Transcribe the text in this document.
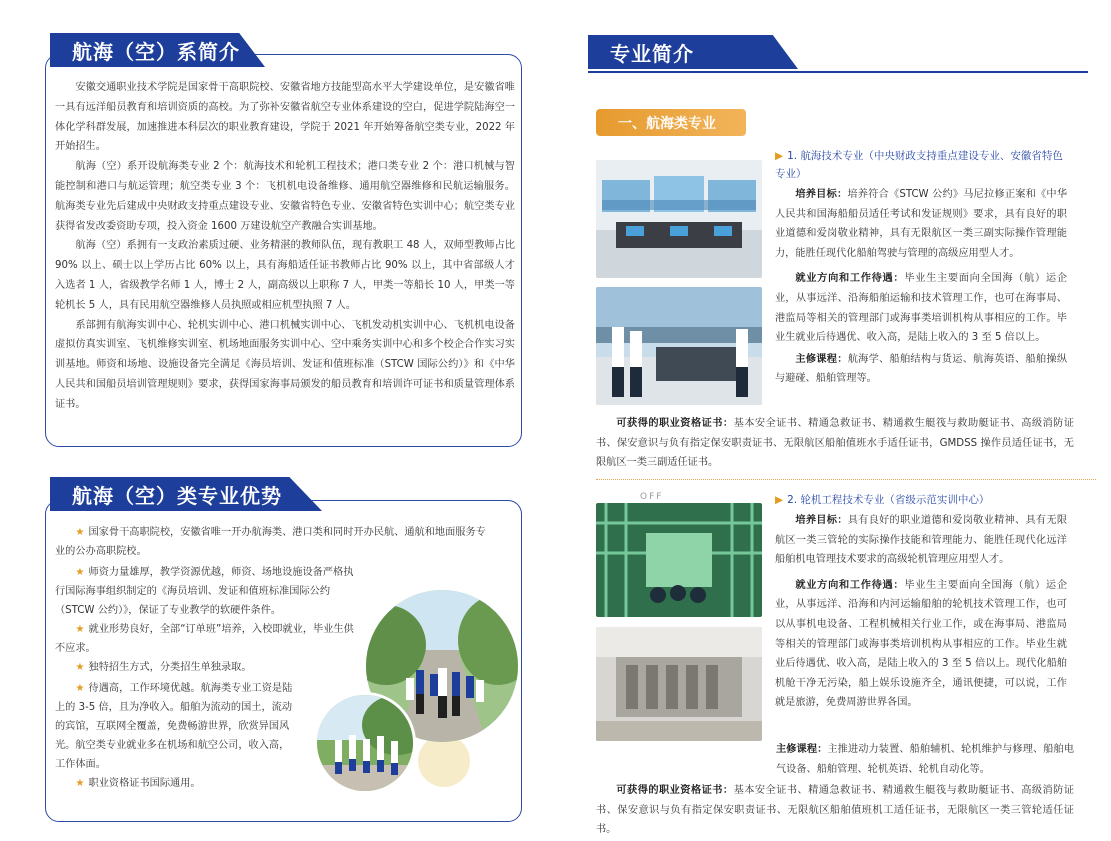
航海（空）系简介

安徽交通职业技术学院是国家骨干高职院校、安徽省地方技能型高水平大学建设单位，是安徽省唯一具有远洋船员教育和培训资质的高校。为了弥补安徽省航空专业体系建设的空白，促进学院陆海空一体化学科群发展，加速推进本科层次的职业教育建设，学院于 2021 年开始筹备航空类专业，2022 年开始招生。

航海（空）系开设航海类专业 2 个：航海技术和轮机工程技术；港口类专业 2 个：港口机械与智能控制和港口与航运管理；航空类专业 3 个：飞机机电设备维修、通用航空器维修和民航运输服务。航海类专业先后建成中央财政支持重点建设专业、安徽省特色专业、安徽省特色实训中心；航空类专业获得省发改委资助专项，投入资金 1600 万建设航空产教融合实训基地。

航海（空）系拥有一支政治素质过硬、业务精湛的教师队伍，现有教职工 48 人，双师型教师占比 90% 以上、硕士以上学历占比 60% 以上，具有海船适任证书教师占比 90% 以上，其中省部级人才入选者 1 人，省级教学名师 1 人，博士 2 人，副高级以上职称 7 人，甲类一等船长 10 人，甲类一等轮机长 5 人，具有民用航空器维修人员执照或相应机型执照 7 人。

系部拥有航海实训中心、轮机实训中心、港口机械实训中心、飞机发动机实训中心、飞机机电设备虚拟仿真实训室、飞机维修实训室、机场地面服务实训中心、空中乘务实训中心和多个校企合作实习实训基地。师资和场地、设施设备完全满足《海员培训、发证和值班标准（STCW 国际公约）》和《中华人民共和国船员培训管理规则》要求，获得国家海事局颁发的船员教育和培训许可证书和质量管理体系证书。

航海（空）类专业优势

★ 国家骨干高职院校，安徽省唯一开办航海类、港口类和同时开办民航、通航和地面服务专业的公办高职院校。

★ 师资力量雄厚，教学资源优越，师资、场地设施设备严格执行国际海事组织制定的《海员培训、发证和值班标准国际公约（STCW 公约）》，保证了专业教学的软硬件条件。

★ 就业形势良好，全部“订单班”培养，入校即就业，毕业生供不应求。

★ 独特招生方式，分类招生单独录取。

★ 待遇高，工作环境优越。航海类专业工资是陆上的 3-5 倍，且为净收入。船舶为流动的国土，流动的宾馆，互联网全覆盖，免费畅游世界，欣赏异国风光。航空类专业就业多在机场和航空公司，收入高，工作体面。

★ 职业资格证书国际通用。

专业简介
一、航海类专业

▶ 1. 航海技术专业（中央财政支持重点建设专业、安徽省特色专业）

培养目标：培养符合《STCW 公约》马尼拉修正案和《中华人民共和国海船船员适任考试和发证规则》要求，具有良好的职业道德和爱岗敬业精神，具有无限航区一类三副实际操作管理能力，能胜任现代化船舶驾驶与管理的高级应用型人才。

就业方向和工作待遇：毕业生主要面向全国海（航）运企业，从事远洋、沿海船舶运输和技术管理工作，也可在海事局、港监局等相关的管理部门或海事类培训机构从事相应的工作。毕业生就业后待遇优、收入高，是陆上收入的 3 至 5 倍以上。

主修课程：航海学、船舶结构与货运、航海英语、船舶操纵与避碰、船舶管理等。

可获得的职业资格证书：基本安全证书、精通急救证书、精通救生艇筏与救助艇证书、高级消防证书、保安意识与负有指定保安职责证书、无限航区船舶值班水手适任证书，GMDSS 操作员适任证书，无限航区一类三副适任证书。

▶ 2. 轮机工程技术专业（省级示范实训中心）

培养目标：具有良好的职业道德和爱岗敬业精神、具有无限航区一类三管轮的实际操作技能和管理能力、能胜任现代化远洋船舶机电管理技术要求的高级轮机管理应用型人才。

就业方向和工作待遇：毕业生主要面向全国海（航）运企业，从事远洋、沿海和内河运输船舶的轮机技术管理工作，也可以从事机电设备、工程机械相关行业工作，或在海事局、港监局等相关的管理部门或海事类培训机构从事相应的工作。毕业生就业后待遇优、收入高，是陆上收入的 3 至 5 倍以上。现代化船舶机舱干净无污染，船上娱乐设施齐全，通讯便捷，可以说，工作就是旅游，免费周游世界各国。

主修课程：主推进动力装置、船舶辅机、轮机维护与修理、船舶电气设备、船舶管理、轮机英语、轮机自动化等。

可获得的职业资格证书：基本安全证书、精通急救证书、精通救生艇筏与救助艇证书、高级消防证书、保安意识与负有指定保安职责证书、无限航区船舶值班机工适任证书，无限航区一类三管轮适任证书。

OFF
